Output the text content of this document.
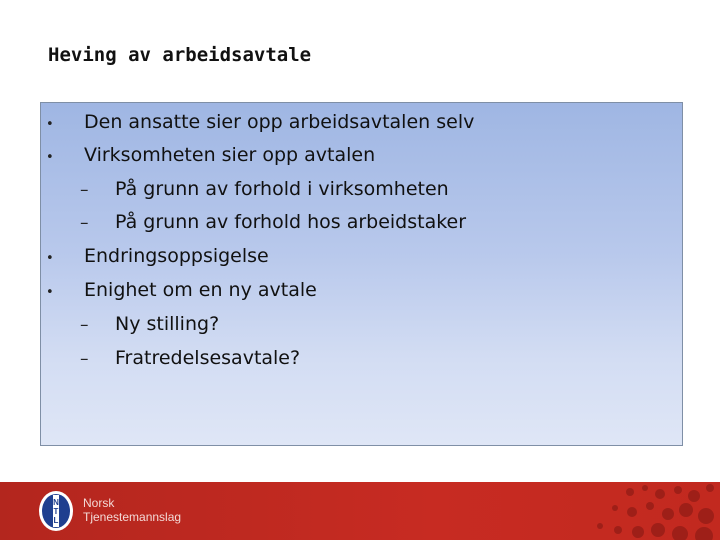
Heving av arbeidsavtale
• Den ansatte sier opp arbeidsavtalen selv
• Virksomheten sier opp avtalen
– På grunn av forhold i virksomheten
– På grunn av forhold hos arbeidstaker
• Endringsoppsigelse
• Enighet om en ny avtale
– Ny stilling?
– Fratredelsesavtale?
N
T
L
Norsk
Tjenestemannslag
